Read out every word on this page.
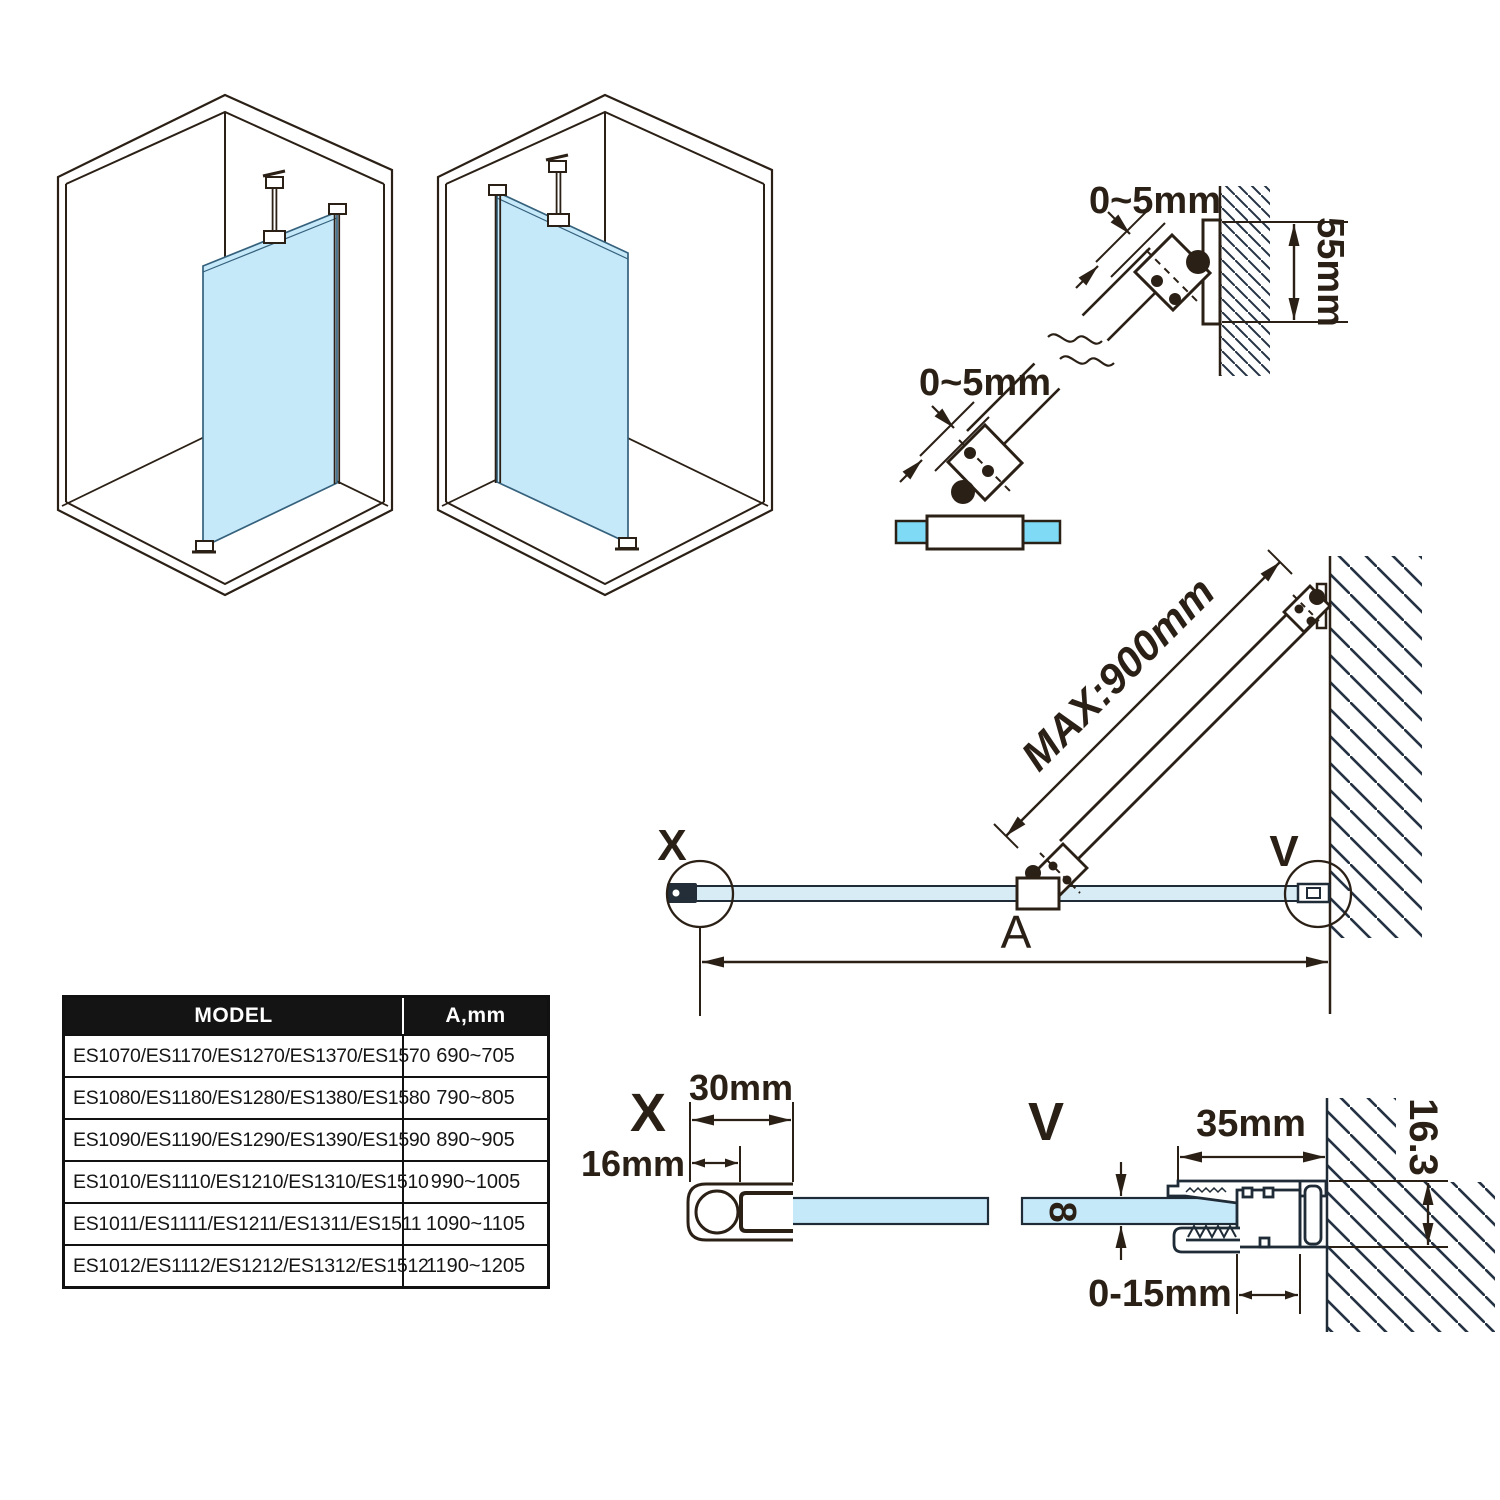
55mm
0~5mm
0~5mm
MAX:900mm
X	V
A
X 30mm
16mm
V
8
35mm 16.3
0-15mm
MODEL	A,mm
ES1070/ES1170/ES1270/ES1370/ES1570 690~705
ES1080/ES1180/ES1280/ES1380/ES1580 790~805
ES1090/ES1190/ES1290/ES1390/ES1590 890~905
ES1010/ES1110/ES1210/ES1310/ES1510 990~1005
ES1011/ES1111/ES1211/ES1311/ES1511 1090~1105
ES1012/ES1112/ES1212/ES1312/ES1512
1190~1205
